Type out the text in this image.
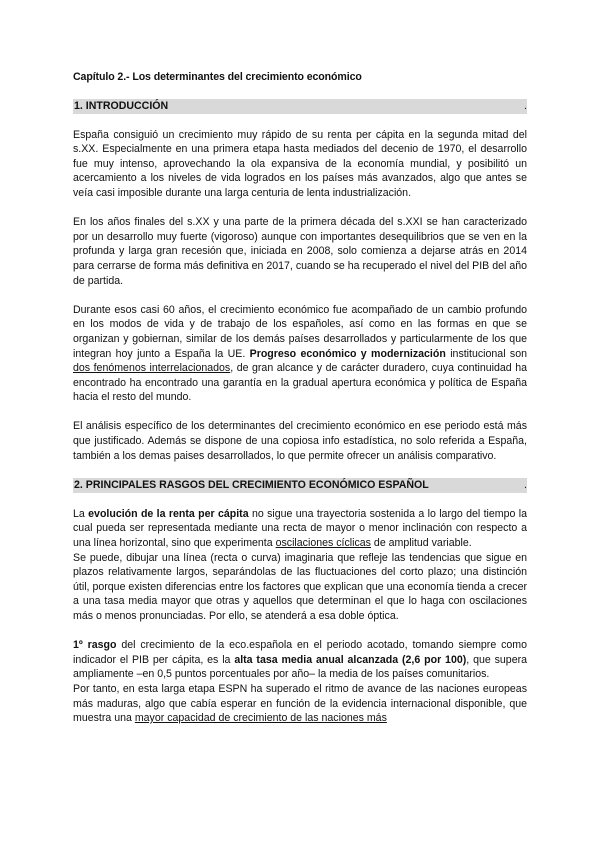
Capítulo 2.- Los determinantes del crecimiento económico
1. INTRODUCCIÓN	.

España consiguió un crecimiento muy rápido de su renta per cápita en la segunda mitad del s.XX. Especialmente en una primera etapa hasta mediados del decenio de 1970, el desarrollo fue muy intenso, aprovechando la ola expansiva de la economía mundial, y posibilitó un acercamiento a los niveles de vida logrados en los países más avanzados, algo que antes se veía casi imposible durante una larga centuria de lenta industrialización.

En los años finales del s.XX y una parte de la primera década del s.XXI se han caracterizado por un desarrollo muy fuerte (vigoroso) aunque con importantes desequilibrios que se ven en la profunda y larga gran recesión que, iniciada en 2008, solo comienza a dejarse atrás en 2014 para cerrarse de forma más definitiva en 2017, cuando se ha recuperado el nivel del PIB del año de partida.

Durante esos casi 60 años, el crecimiento económico fue acompañado de un cambio profundo en los modos de vida y de trabajo de los españoles, así como en las formas en que se organizan y gobiernan, similar de los demás países desarrollados y particularmente de los que integran hoy junto a España la UE. Progreso económico y modernización institucional son dos fenómenos interrelacionados, de gran alcance y de carácter duradero, cuya continuidad ha encontrado ha encontrado una garantía en la gradual apertura económica y política de España hacia el resto del mundo.

El análisis específico de los determinantes del crecimiento económico en ese periodo está más que justificado. Además se dispone de una copiosa info estadística, no solo referida a España, también a los demas paises desarrollados, lo que permite ofrecer un análisis comparativo.

2. PRINCIPALES RASGOS DEL CRECIMIENTO ECONÓMICO ESPAÑOL	.

La evolución de la renta per cápita no sigue una trayectoria sostenida a lo largo del tiempo la cual pueda ser representada mediante una recta de mayor o menor inclinación con respecto a una línea horizontal, sino que experimenta oscilaciones cíclicas de amplitud variable.

Se puede, dibujar una línea (recta o curva) imaginaria que refleje las tendencias que sigue en plazos relativamente largos, separándolas de las fluctuaciones del corto plazo; una distinción útil, porque existen diferencias entre los factores que explican que una economía tienda a crecer a una tasa media mayor que otras y aquellos que determinan el que lo haga con oscilaciones más o menos pronunciadas. Por ello, se atenderá a esa doble óptica.

1º rasgo del crecimiento de la eco.española en el periodo acotado, tomando siempre como indicador el PIB per cápita, es la alta tasa media anual alcanzada (2,6 por 100), que supera ampliamente –en 0,5 puntos porcentuales por año– la media de los países comunitarios.

Por tanto, en esta larga etapa ESPN ha superado el ritmo de avance de las naciones europeas más maduras, algo que cabía esperar en función de la evidencia internacional disponible, que muestra una mayor capacidad de crecimiento de las naciones más
